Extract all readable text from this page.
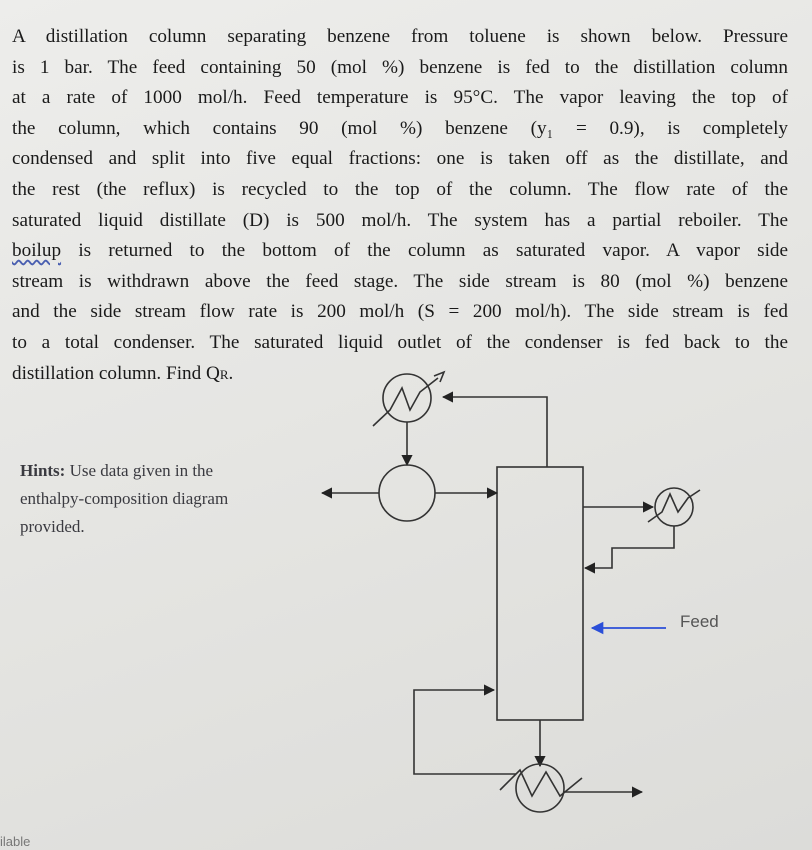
A distillation column separating benzene from toluene is shown below. Pressure
is 1 bar. The feed containing 50 (mol %) benzene is fed to the distillation column
at a rate of 1000 mol/h. Feed temperature is 95°C. The vapor leaving the top of
the column, which contains 90 (mol %) benzene (y₁ = 0.9), is completely
condensed and split into five equal fractions: one is taken off as the distillate, and
the rest (the reflux) is recycled to the top of the column. The flow rate of the
saturated liquid distillate (D) is 500 mol/h. The system has a partial reboiler. The
boilup is returned to the bottom of the column as saturated vapor. A vapor side
stream is withdrawn above the feed stage. The side stream is 80 (mol %) benzene
and the side stream flow rate is 200 mol/h (S = 200 mol/h). The side stream is fed
to a total condenser. The saturated liquid outlet of the condenser is fed back to the
distillation column. Find QR.
Hints: Use data given in the
enthalpy-composition diagram
provided.
Feed
ilable
